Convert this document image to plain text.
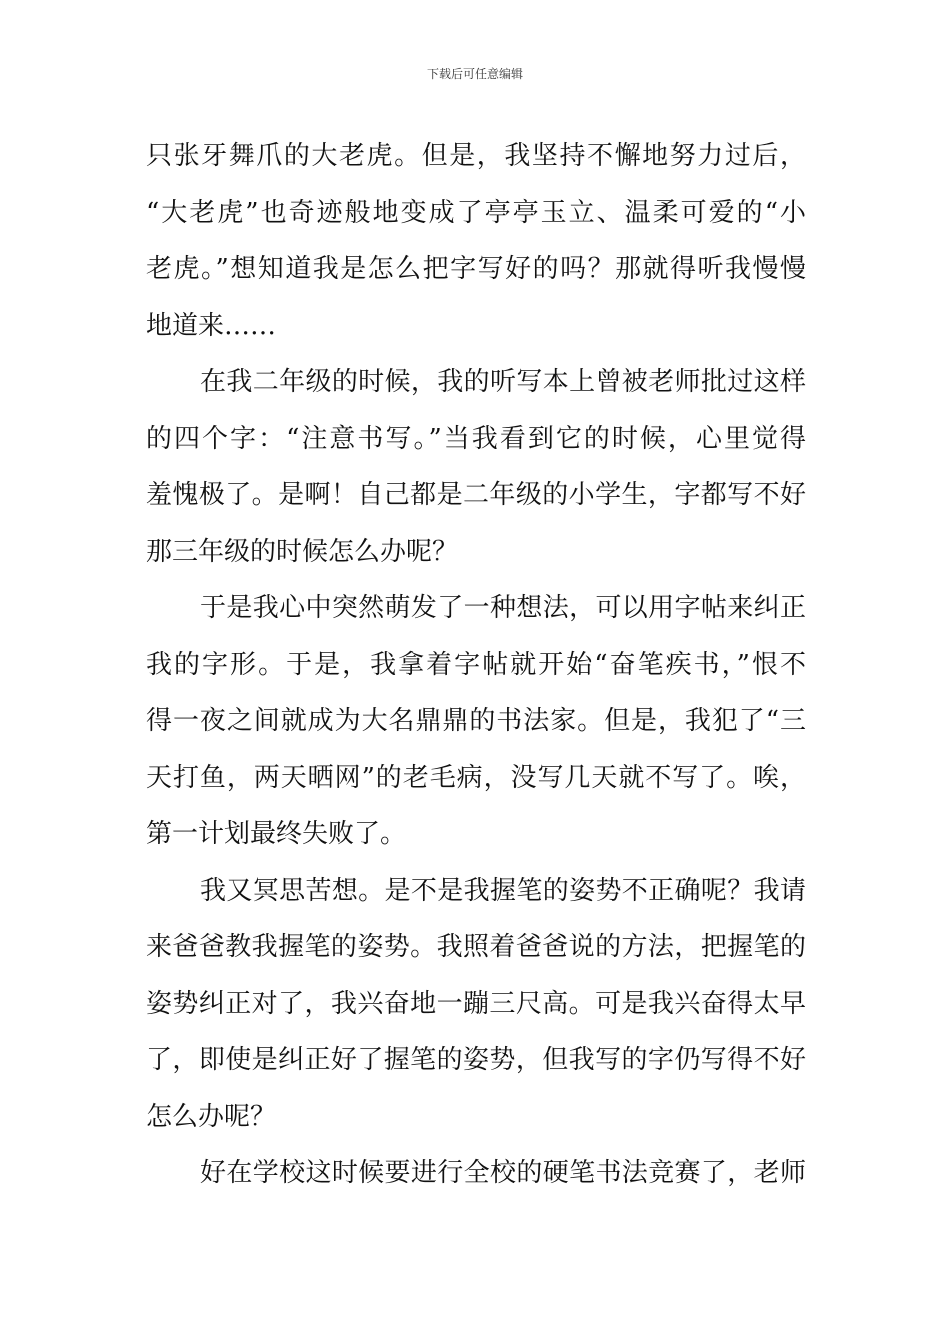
下载后可任意编辑
只张牙舞爪的大老虎。但是，我坚持不懈地努力过后，
“大老虎”也奇迹般地变成了亭亭玉立、温柔可爱的“小
老虎。”想知道我是怎么把字写好的吗？那就得听我慢慢
地道来……
在我二年级的时候，我的听写本上曾被老师批过这样
的四个字：“注意书写。”当我看到它的时候，心里觉得
羞愧极了。是啊！自己都是二年级的小学生，字都写不好
那三年级的时候怎么办呢？
于是我心中突然萌发了一种想法，可以用字帖来纠正
我的字形。于是，我拿着字帖就开始“奋笔疾书，”恨不
得一夜之间就成为大名鼎鼎的书法家。但是，我犯了“三
天打鱼，两天晒网”的老毛病，没写几天就不写了。唉，
第一计划最终失败了。
我又冥思苦想。是不是我握笔的姿势不正确呢？我请
来爸爸教我握笔的姿势。我照着爸爸说的方法，把握笔的
姿势纠正对了，我兴奋地一蹦三尺高。可是我兴奋得太早
了，即使是纠正好了握笔的姿势，但我写的字仍写得不好
怎么办呢？
好在学校这时候要进行全校的硬笔书法竞赛了，老师
